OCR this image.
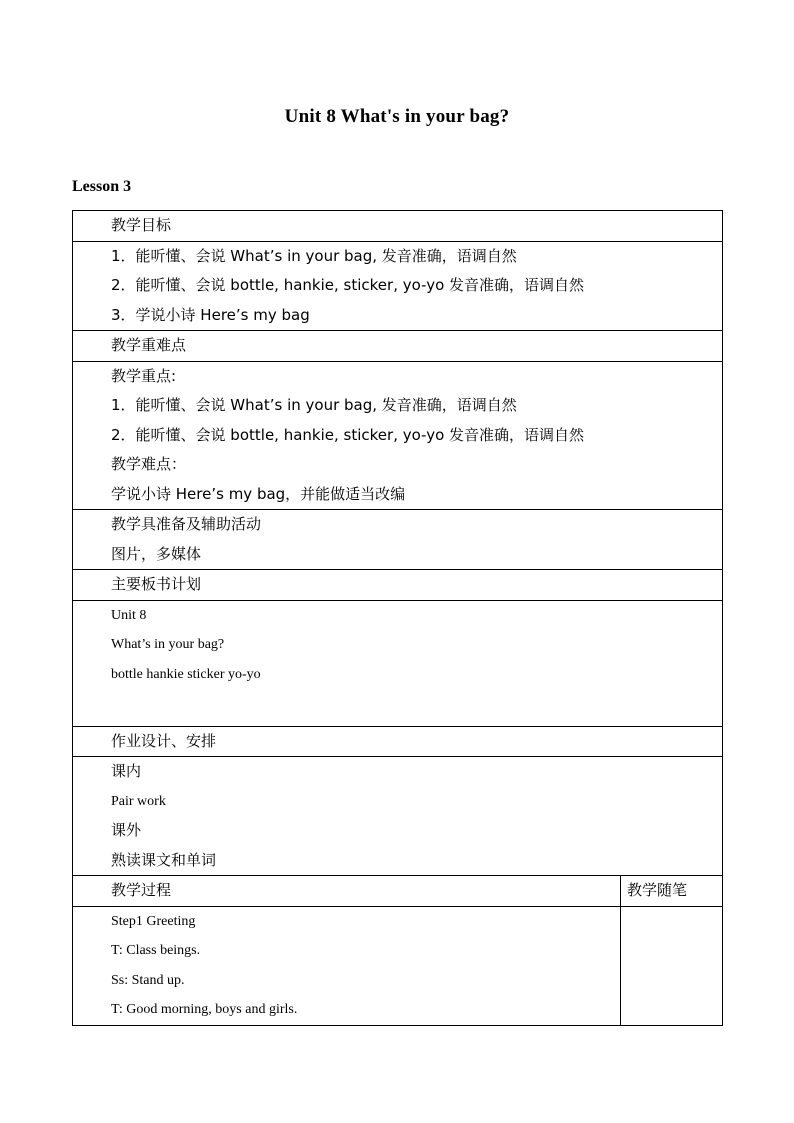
Unit 8 What's in your bag?
Lesson 3
教学目标	

1．能听懂、会说 What’s in your bag, 发音准确，语调自然
2．能听懂、会说 bottle, hankie, sticker, yo-yo 发音准确，语调自然
3．学说小诗 Here’s my bag	

教学重难点	

教学重点:
1．能听懂、会说 What’s in your bag, 发音准确，语调自然
2．能听懂、会说 bottle, hankie, sticker, yo-yo 发音准确，语调自然
教学难点：
学说小诗 Here’s my bag，并能做适当改编	

教学具准备及辅助活动
图片，多媒体	

主要板书计划	

Unit 8
What’s in your bag?
bottle hankie sticker yo-yo	

作业设计、安排	

课内
Pair work
课外
熟读课文和单词	

教学过程	教学随笔

Step1 Greeting
T: Class beings.
Ss: Stand up.
T: Good morning, boys and girls.	
